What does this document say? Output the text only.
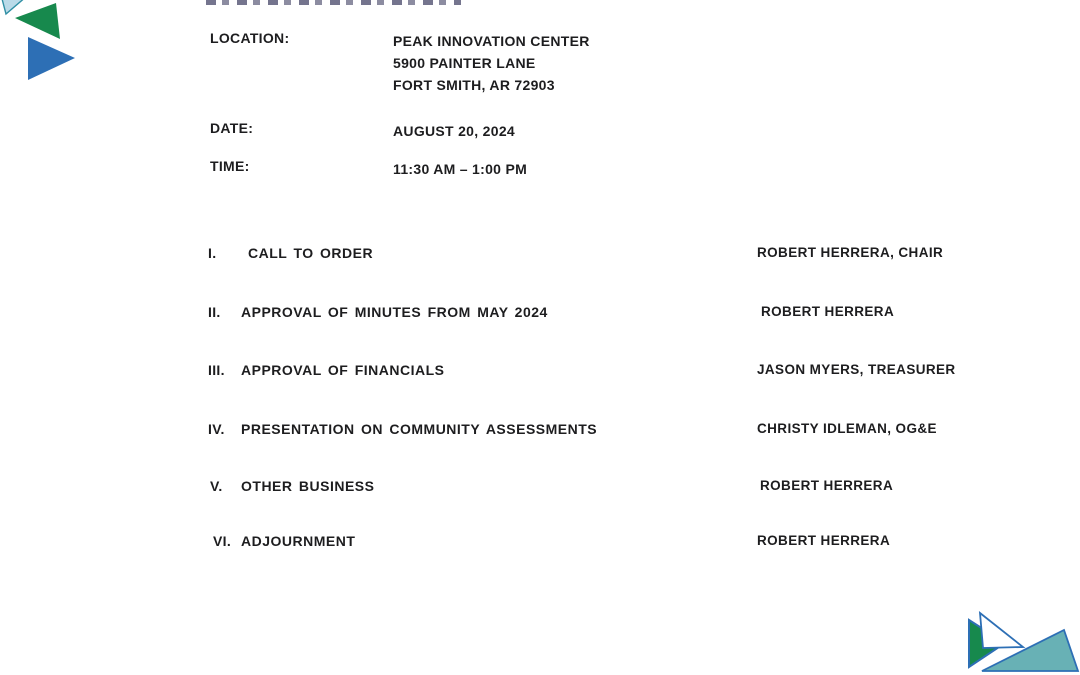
LOCATION:	PEAK INNOVATION CENTER
5900 PAINTER LANE
FORT SMITH, AR 72903
DATE:	AUGUST 20, 2024
TIME:	11:30 AM – 1:00 PM
I. CALL TO ORDER	ROBERT HERRERA, CHAIR
II. APPROVAL OF MINUTES FROM MAY 2024	ROBERT HERRERA
III. APPROVAL OF FINANCIALS	JASON MYERS, TREASURER
IV. PRESENTATION ON COMMUNITY ASSESSMENTS	CHRISTY IDLEMAN, OG&E
V. OTHER BUSINESS	ROBERT HERRERA
VI. ADJOURNMENT	ROBERT HERRERA
